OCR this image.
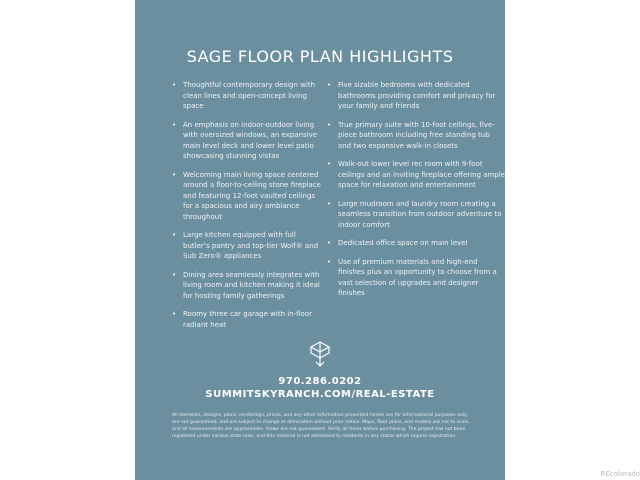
SAGE FLOOR PLAN HIGHLIGHTS
• Thoughtful contemporary design with clean lines and open-concept living space
• An emphasis on indoor-outdoor living with oversized windows, an expansive main level deck and lower level patio showcasing stunning vistas
• Welcoming main living space centered around a floor-to-ceiling stone fireplace and featuring 12-foot vaulted ceilings for a spacious and airy ambiance throughout
• Large kitchen equipped with full butler’s pantry and top-tier Wolf® and Sub Zero® appliances
• Dining area seamlessly integrates with living room and kitchen making it ideal for hosting family gatherings
• Roomy three car garage with in-floor radiant heat
• Five sizable bedrooms with dedicated bathrooms providing comfort and privacy for your family and friends
• True primary suite with 10-foot ceilings, five-piece bathroom including free standing tub and two expansive walk-in closets
• Walk-out lower level rec room with 9-foot ceilings and an inviting fireplace offering ample space for relaxation and entertainment
• Large mudroom and laundry room creating a seamless transition from outdoor adventure to indoor comfort
• Dedicated office space on main level
• Use of premium materials and high-end finishes plus an opportunity to choose from a vast selection of upgrades and designer finishes
970.286.0202
SUMMITSKYRANCH.COM/REAL-ESTATE
All elements, designs, plans, renderings, prices, and any other information presented herein are for informational purposes only, are not guaranteed, and are subject to change or elimination without prior notice. Maps, floor plans, and models are not to scale, and all measurements are approximate. Views are not guaranteed. Verify all items before purchasing. The project has not been registered under various state laws, and this material is not addressed to residents in any states which require registration.
REcolorado
